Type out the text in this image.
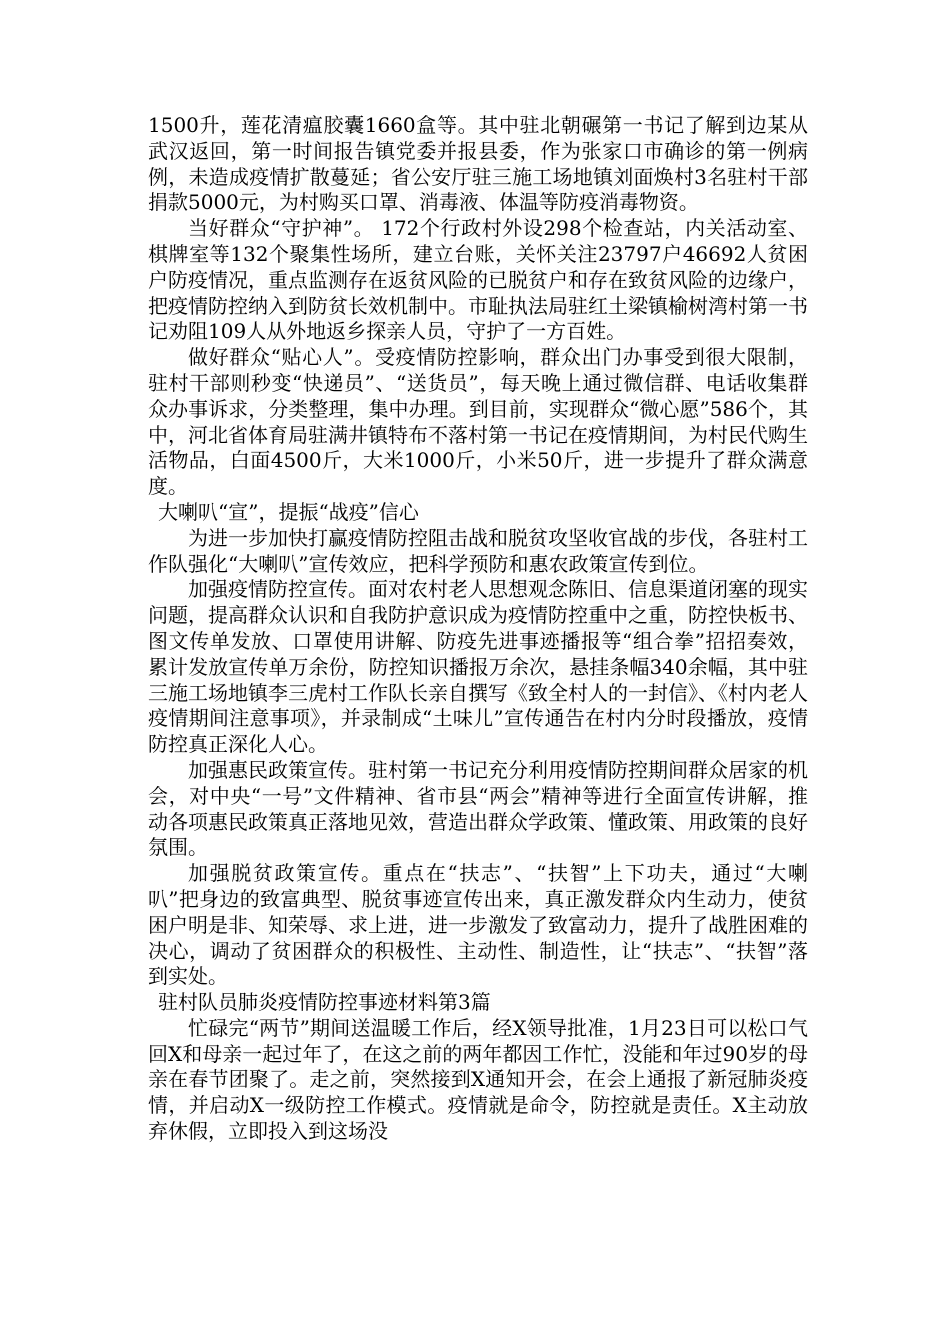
1500升，莲花清瘟胶囊1660盒等。其中驻北朝碾第一书记了解到边某从武汉返回，第一时间报告镇党委并报县委，作为张家口市确诊的第一例病例，未造成疫情扩散蔓延；省公安厅驻三施工场地镇刘面焕村3名驻村干部捐款5000元，为村购买口罩、消毒液、体温等防疫消毒物资。

当好群众“守护神”。 172个行政村外设298个检查站，内关活动室、棋牌室等132个聚集性场所，建立台账，关怀关注23797户46692人贫困户防疫情况，重点监测存在返贫风险的已脱贫户和存在致贫风险的边缘户，把疫情防控纳入到防贫长效机制中。市耻执法局驻红土梁镇榆树湾村第一书记劝阻109人从外地返乡探亲人员，守护了一方百姓。

做好群众“贴心人”。受疫情防控影响，群众出门办事受到很大限制，驻村干部则秒变“快递员”、“送货员”，每天晚上通过微信群、电话收集群众办事诉求，分类整理，集中办理。到目前，实现群众“微心愿”586个，其中，河北省体育局驻满井镇特布不落村第一书记在疫情期间，为村民代购生活物品，白面4500斤，大米1000斤，小米50斤，进一步提升了群众满意度。

大喇叭“宣”，提振“战疫”信心

为进一步加快打赢疫情防控阻击战和脱贫攻坚收官战的步伐，各驻村工作队强化“大喇叭”宣传效应，把科学预防和惠农政策宣传到位。

加强疫情防控宣传。面对农村老人思想观念陈旧、信息渠道闭塞的现实问题，提高群众认识和自我防护意识成为疫情防控重中之重，防控快板书、图文传单发放、口罩使用讲解、防疫先进事迹播报等“组合拳”招招奏效，累计发放宣传单万余份，防控知识播报万余次，悬挂条幅340余幅，其中驻三施工场地镇李三虎村工作队长亲自撰写《致全村人的一封信》、《村内老人疫情期间注意事项》，并录制成“土味儿”宣传通告在村内分时段播放，疫情防控真正深化人心。

加强惠民政策宣传。驻村第一书记充分利用疫情防控期间群众居家的机会，对中央“一号”文件精神、省市县“两会”精神等进行全面宣传讲解，推动各项惠民政策真正落地见效，营造出群众学政策、懂政策、用政策的良好氛围。

加强脱贫政策宣传。重点在“扶志”、“扶智”上下功夫，通过“大喇叭”把身边的致富典型、脱贫事迹宣传出来，真正激发群众内生动力，使贫困户明是非、知荣辱、求上进，进一步激发了致富动力，提升了战胜困难的决心，调动了贫困群众的积极性、主动性、制造性，让“扶志”、“扶智”落到实处。

驻村队员肺炎疫情防控事迹材料第3篇

忙碌完“两节”期间送温暖工作后，经X领导批准，1月23日可以松口气回X和母亲一起过年了，在这之前的两年都因工作忙，没能和年过90岁的母亲在春节团聚了。走之前，突然接到X通知开会，在会上通报了新冠肺炎疫情，并启动X一级防控工作模式。疫情就是命令，防控就是责任。X主动放弃休假，立即投入到这场没
